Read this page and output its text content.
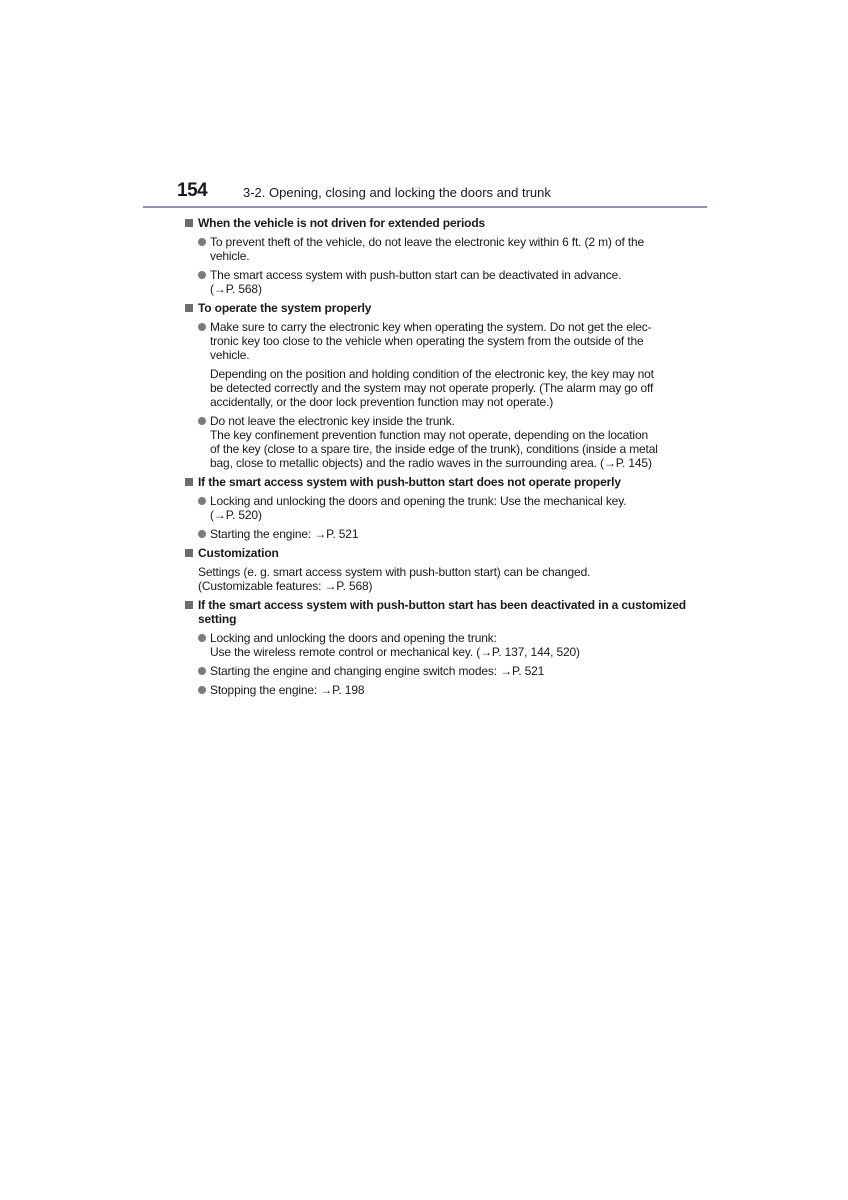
154	3-2. Opening, closing and locking the doors and trunk
When the vehicle is not driven for extended periods
To prevent theft of the vehicle, do not leave the electronic key within 6 ft. (2 m) of the
vehicle.
The smart access system with push-button start can be deactivated in advance.
(→P. 568)
To operate the system properly
Make sure to carry the electronic key when operating the system. Do not get the elec-
tronic key too close to the vehicle when operating the system from the outside of the
vehicle.
Depending on the position and holding condition of the electronic key, the key may not
be detected correctly and the system may not operate properly. (The alarm may go off
accidentally, or the door lock prevention function may not operate.)
Do not leave the electronic key inside the trunk.
The key confinement prevention function may not operate, depending on the location
of the key (close to a spare tire, the inside edge of the trunk), conditions (inside a metal
bag, close to metallic objects) and the radio waves in the surrounding area. (→P. 145)
If the smart access system with push-button start does not operate properly
Locking and unlocking the doors and opening the trunk: Use the mechanical key.
(→P. 520)
Starting the engine: →P. 521
Customization
Settings (e. g. smart access system with push-button start) can be changed.
(Customizable features: →P. 568)
If the smart access system with push-button start has been deactivated in a customized
setting
Locking and unlocking the doors and opening the trunk:
Use the wireless remote control or mechanical key. (→P. 137, 144, 520)
Starting the engine and changing engine switch modes: →P. 521
Stopping the engine: →P. 198
